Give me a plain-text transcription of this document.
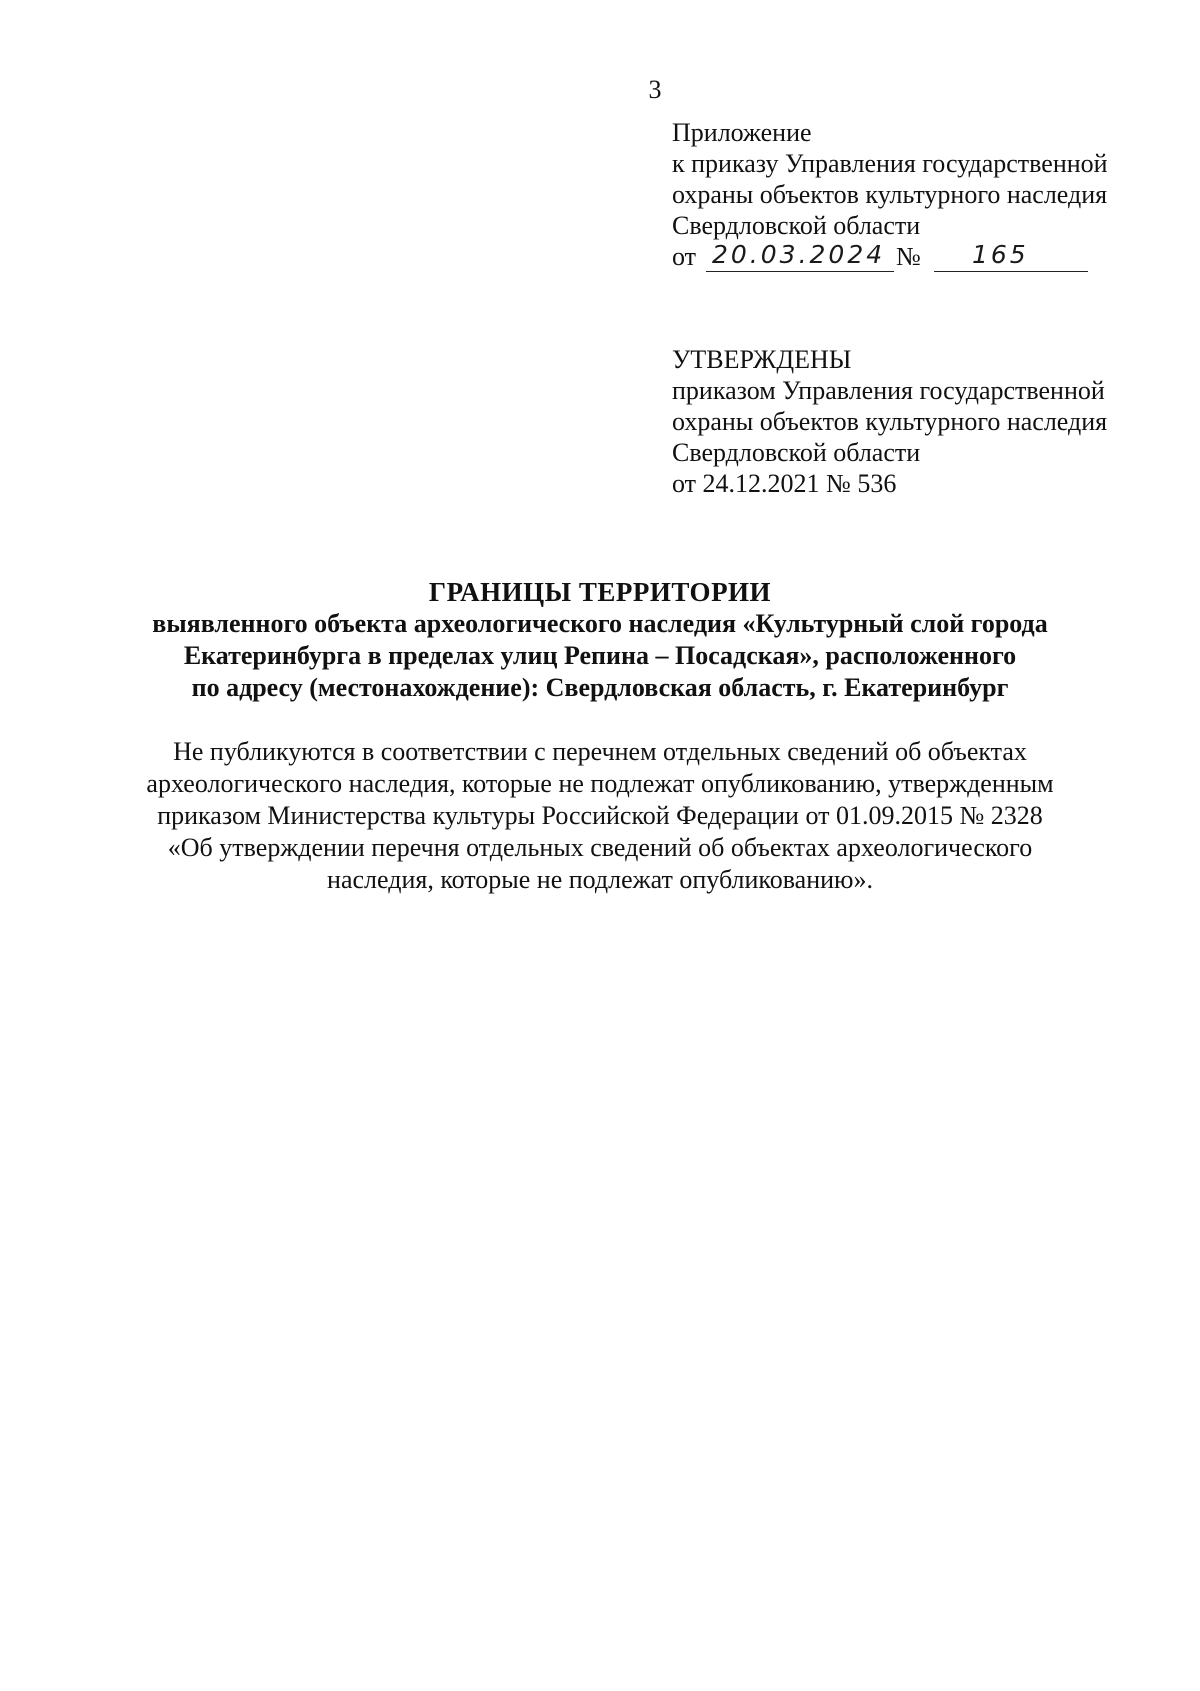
3
Приложение
к приказу Управления государственной
охраны объектов культурного наследия
Свердловской области
от 20.03.2024 № 165
УТВЕРЖДЕНЫ
приказом Управления государственной
охраны объектов культурного наследия
Свердловской области
от 24.12.2021 № 536
ГРАНИЦЫ ТЕРРИТОРИИ
выявленного объекта археологического наследия «Культурный слой города
Екатеринбурга в пределах улиц Репина – Посадская», расположенного
по адресу (местонахождение): Свердловская область, г. Екатеринбург
Не публикуются в соответствии с перечнем отдельных сведений об объектах
археологического наследия, которые не подлежат опубликованию, утвержденным
приказом Министерства культуры Российской Федерации от 01.09.2015 № 2328
«Об утверждении перечня отдельных сведений об объектах археологического
наследия, которые не подлежат опубликованию».
